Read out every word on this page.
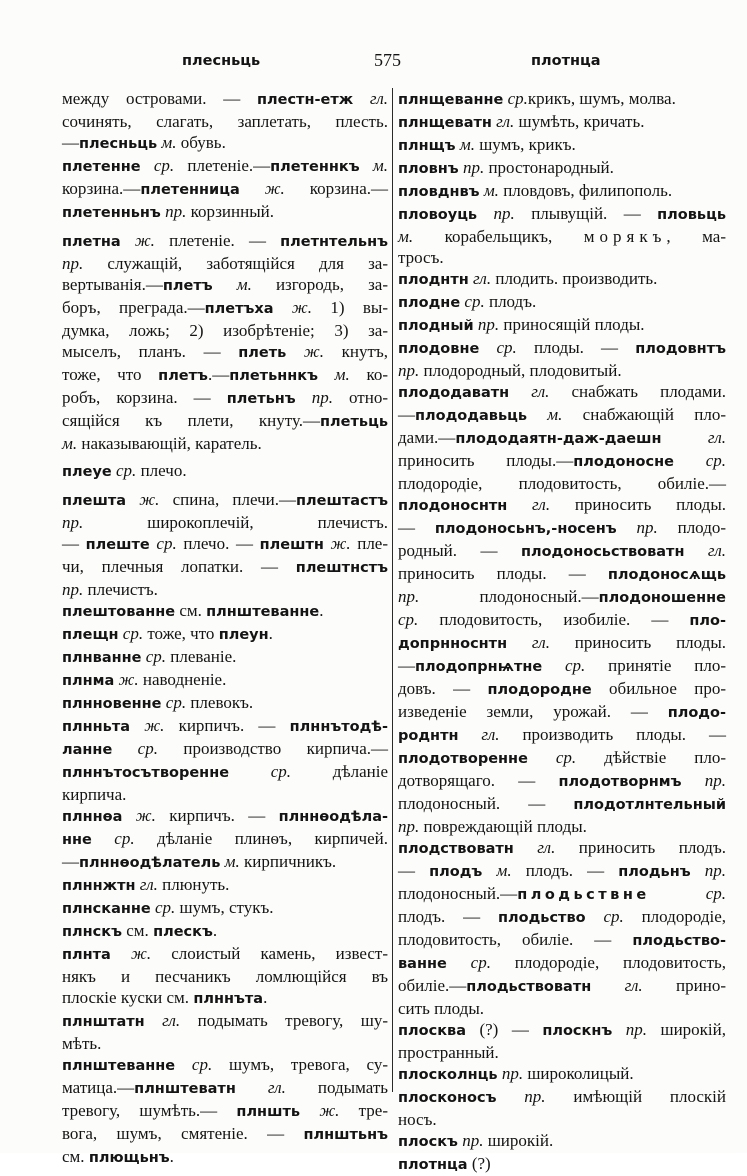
плесньць	575	плотнца
между островами. — плестн-етж гл.
сочинять, слагать, заплетать, плесть.
—плесньць м. обувь.
плетенне ср. плетеніе.—плетеннкъ м.
корзина.—плетенница ж. корзина.—
плетенньнъ пр. корзинный.
плетна ж. плетеніе. — плетнтельнъ
пр. служащій, заботящійся для за-
вертыванія.—плетъ м. изгородь, за-
боръ, преграда.—плетъха ж. 1) вы-
думка, ложь; 2) изобрѣтеніе; 3) за-
мыселъ, планъ. — плеть ж. кнутъ,
тоже, что плетъ.—плетьннкъ м. ко-
робъ, корзина. — плетьнъ пр. отно-
сящійся къ плети, кнуту.—плетьць
м. наказывающій, каратель.
плеуе ср. плечо.
плешта ж. спина, плечи.—плештастъ
пр. широкоплечій, плечистъ.
— плеште ср. плечо. — плештн ж. пле-
чи, плечныя лопатки. — плештнстъ
пр. плечистъ.
плештованне см. плнштеванне.
плещн ср. тоже, что плеун.
плнванне ср. плеваніе.
плнма ж. наводненіе.
плнновенне ср. плевокъ.
плнньта ж. кирпичъ. — плннътодѣ-
ланне ср. производство кирпича.—
плннътосътворенне ср. дѣланіе
кирпича.
плннѳа ж. кирпичъ. — плннѳодѣла-
нне ср. дѣланіе плинѳъ, кирпичей.
—плннѳодѣлатель м. кирпичникъ.
плннжтн гл. плюнуть.
плнсканне ср. шумъ, стукъ.
плнскъ см. плескъ.
плнта ж. слоистый камень, извест-
някъ и песчаникъ ломлющійся въ
плоскіе куски см. плннъта.
плнштатн гл. подымать тревогу, шу-
мѣть.
плнштеванне ср. шумъ, тревога, су-
матица.—плнштеватн гл. подымать
тревогу, шумѣть.— плншть ж. тре-
вога, шумъ, смятеніе. — плнштьнъ
см. плющьнъ.
плнщеванне ср.крикъ, шумъ, молва.
плнщеватн гл. шумѣть, кричать.
плнщъ м. шумъ, крикъ.
пловнъ пр. простонародный.
пловднвъ м. пловдовъ, филипополь.
пловоуць пр. плывущій. — пловьць
м. корабельщикъ, морякъ, ма-
тросъ.
плоднтн гл. плодить. производить.
плодне ср. плодъ.
плодный пр. приносящій плоды.
плодовне ср. плоды. — плодовнтъ
пр. плодородный, плодовитый.
плододаватн гл. снабжать плодами.
—плододавьць м. снабжающій пло-
дами.—плододаятн-даж-даешн гл.
приносить плоды.—плодоносне ср.
плодородіе, плодовитость, обиліе.—
плодоноснтн гл. приносить плоды.
— плодоносьнъ,-носенъ пр. плодо-
родный. — плодоносьствоватн гл.
приносить плоды. — плодоносѧщь
пр. плодоносный.—плодоношенне
ср. плодовитость, изобиліе. — пло-
допрнноснтн гл. приносить плоды.
—плодопрнѩтне ср. принятіе пло-
довъ. — плодородне обильное про-
изведеніе земли, урожай. — плодо-
роднтн гл. производить плоды. —
плодотворенне ср. дѣйствіе пло-
дотворящаго. — плодотворнмъ пр.
плодоносный. — плодотлнтельный
пр. повреждающій плоды.
плодствоватн гл. приносить плодъ.
— плодъ м. плодъ. — плодьнъ пр.
плодоносный.—плодьствне ср.
плодъ. — плодьство ср. плодородіе,
плодовитость, обиліе. — плодьство-
ванне ср. плодородіе, плодовитость,
обиліе.—плодьствоватн гл. прино-
сить плоды.
плосква (?) — плоскнъ пр. широкій,
пространный.
плосколнць пр. широколицый.
плосконосъ пр. имѣющій плоскій
носъ.
плоскъ пр. широкій.
плотнца (?)
